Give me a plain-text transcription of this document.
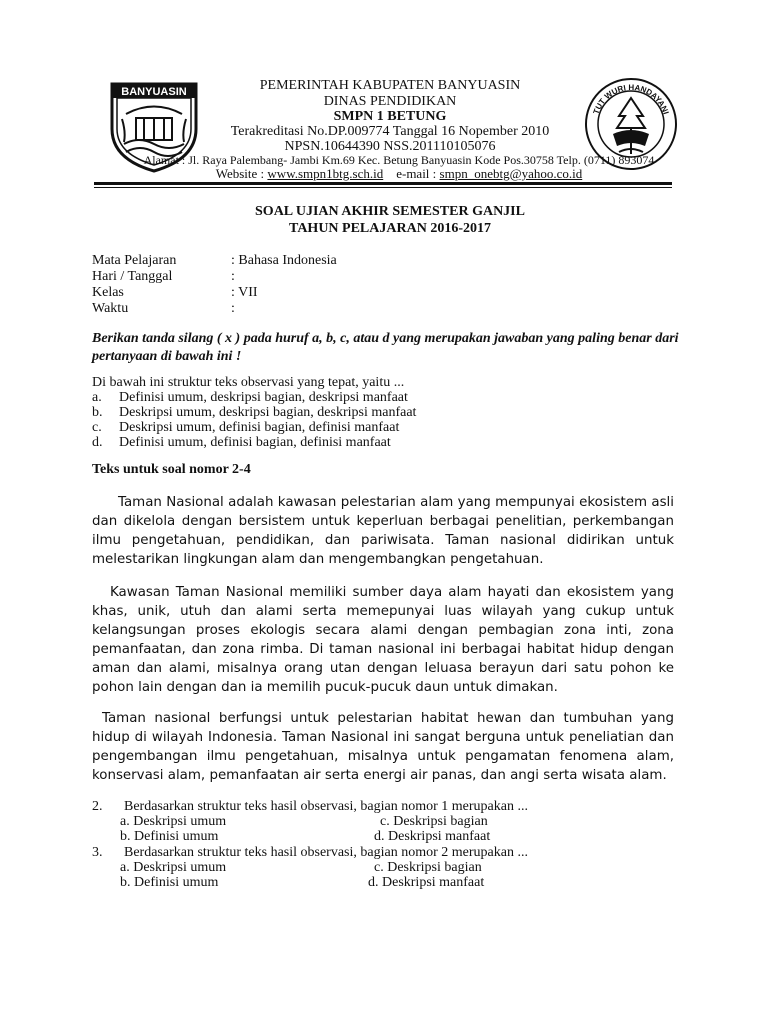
BANYUASIN
TUT WURI HANDAYANI
PEMERINTAH KABUPATEN BANYUASIN
DINAS PENDIDIKAN
SMPN 1 BETUNG
Terakreditasi No.DP.009774 Tanggal 16 Nopember 2010
NPSN.10644390 NSS.201110105076
Alamat : Jl. Raya Palembang- Jambi Km.69 Kec. Betung Banyuasin Kode Pos.30758 Telp. (0711) 893074
Website : www.smpn1btg.sch.id e-mail : smpn_onebtg@yahoo.co.id
SOAL UJIAN AKHIR SEMESTER GANJIL
TAHUN PELAJARAN 2016-2017
Mata Pelajaran	: Bahasa Indonesia
Hari / Tanggal	:
Kelas	: VII
Waktu	:
Berikan tanda silang ( x ) pada huruf a, b, c, atau d yang merupakan jawaban yang paling benar dari pertanyaan di bawah ini !
Di bawah ini struktur teks observasi yang tepat, yaitu ...
a. Definisi umum, deskripsi bagian, deskripsi manfaat
b. Deskripsi umum, deskripsi bagian, deskripsi manfaat
c. Deskripsi umum, definisi bagian, definisi manfaat
d. Definisi umum, definisi bagian, definisi manfaat
Teks untuk soal nomor 2-4

Taman Nasional adalah kawasan pelestarian alam yang mempunyai ekosistem asli dan dikelola dengan bersistem untuk keperluan berbagai penelitian, perkembangan ilmu pengetahuan, pendidikan, dan pariwisata. Taman nasional didirikan untuk melestarikan lingkungan alam dan mengembangkan pengetahuan.

Kawasan Taman Nasional memiliki sumber daya alam hayati dan ekosistem yang khas, unik, utuh dan alami serta memepunyai luas wilayah yang cukup untuk kelangsungan proses ekologis secara alami dengan pembagian zona inti, zona pemanfaatan, dan zona rimba. Di taman nasional ini berbagai habitat hidup dengan aman dan alami, misalnya orang utan dengan leluasa berayun dari satu pohon ke pohon lain dengan dan ia memilih pucuk-pucuk daun untuk dimakan.

Taman nasional berfungsi untuk pelestarian habitat hewan dan tumbuhan yang hidup di wilayah Indonesia. Taman Nasional ini sangat berguna untuk peneliatian dan pengembangan ilmu pengetahuan, misalnya untuk pengamatan fenomena alam, konservasi alam, pemanfaatan air serta energi air panas, dan angi serta wisata alam.

2. Berdasarkan struktur teks hasil observasi, bagian nomor 1 merupakan ...
a. Deskripsi umum	c. Deskripsi bagian
b. Definisi umum	d. Deskripsi manfaat
3. Berdasarkan struktur teks hasil observasi, bagian nomor 2 merupakan ...
a. Deskripsi umum	c. Deskripsi bagian
b. Definisi umum	d. Deskripsi manfaat
